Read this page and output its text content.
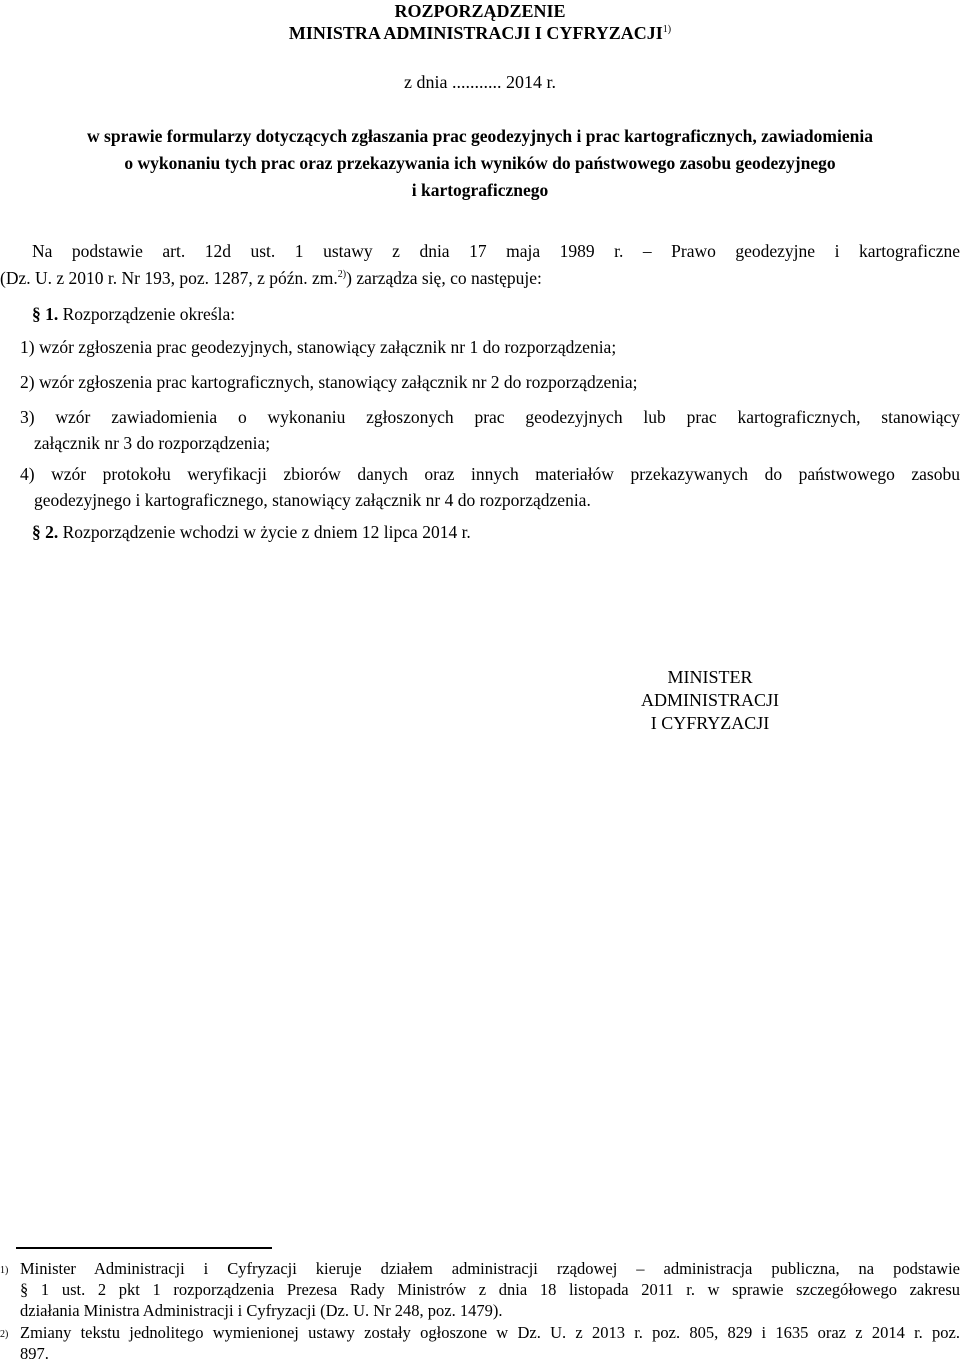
ROZPORZĄDZENIE
MINISTRA ADMINISTRACJI I CYFRYZACJI$^{1)}$
z dnia ........... 2014 r.
w sprawie formularzy dotyczących zgłaszania prac geodezyjnych i prac kartograficznych, zawiadomienia
o wykonaniu tych prac oraz przekazywania ich wyników do państwowego zasobu geodezyjnego
i kartograficznego
Na podstawie art. 12d ust. 1 ustawy z dnia 17 maja 1989 r. – Prawo geodezyjne i kartograficzne
(Dz. U. z 2010 r. Nr 193, poz. 1287, z późn. zm.$^{2)}$) zarządza się, co następuje:
§ 1. Rozporządzenie określa:
1) wzór zgłoszenia prac geodezyjnych, stanowiący załącznik nr 1 do rozporządzenia;
2) wzór zgłoszenia prac kartograficznych, stanowiący załącznik nr 2 do rozporządzenia;
3) wzór zawiadomienia o wykonaniu zgłoszonych prac geodezyjnych lub prac kartograficznych, stanowiący
załącznik nr 3 do rozporządzenia;
4) wzór protokołu weryfikacji zbiorów danych oraz innych materiałów przekazywanych do państwowego zasobu
geodezyjnego i kartograficznego, stanowiący załącznik nr 4 do rozporządzenia.
§ 2. Rozporządzenie wchodzi w życie z dniem 12 lipca 2014 r.
MINISTER
ADMINISTRACJI
I CYFRYZACJI
1) Minister Administracji i Cyfryzacji kieruje działem administracji rządowej – administracja publiczna, na podstawie
§ 1 ust. 2 pkt 1 rozporządzenia Prezesa Rady Ministrów z dnia 18 listopada 2011 r. w sprawie szczegółowego zakresu
działania Ministra Administracji i Cyfryzacji (Dz. U. Nr 248, poz. 1479).
2) Zmiany tekstu jednolitego wymienionej ustawy zostały ogłoszone w Dz. U. z 2013 r. poz. 805, 829 i 1635 oraz z 2014 r. poz.
897.
